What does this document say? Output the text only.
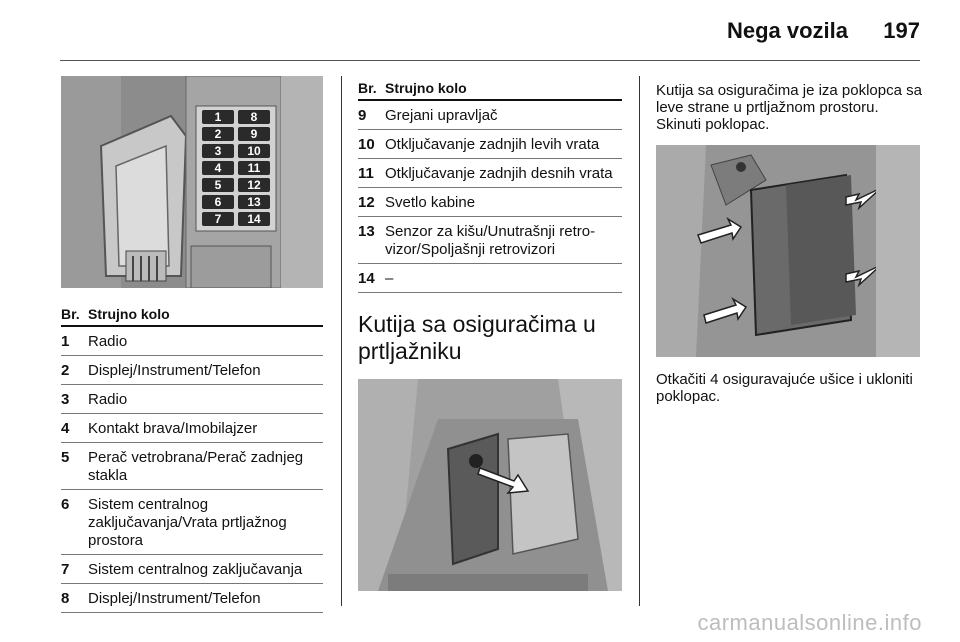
Nega vozila 197
1	8
2	9
3	10
4	11
5	12
6	13
7	14
Br. Strujno kolo
1	Radio
2	Displej/Instrument/Telefon
3	Radio
4	Kontakt brava/Imobilajzer
5	Perač vetrobrana/Perač zadnjeg stakla
6	Sistem centralnog zaključavanja/Vrata prtljažnog prostora
7	Sistem centralnog zaključavanja
8	Displej/Instrument/Telefon
Br. Strujno kolo
9	Grejani upravljač
10 Otključavanje zadnjih levih vrata
11 Otključavanje zadnjih desnih vrata
12 Svetlo kabine
13 Senzor za kišu/Unutrašnji retro-vizor/Spoljašnji retrovizori
14 –
Kutija sa osiguračima u prtljažniku

Kutija sa osiguračima je iza poklopca sa leve strane u prtljažnom prostoru. Skinuti poklopac.

Otkačiti 4 osiguravajuće ušice i ukloniti poklopac.

carmanualsonline.info
